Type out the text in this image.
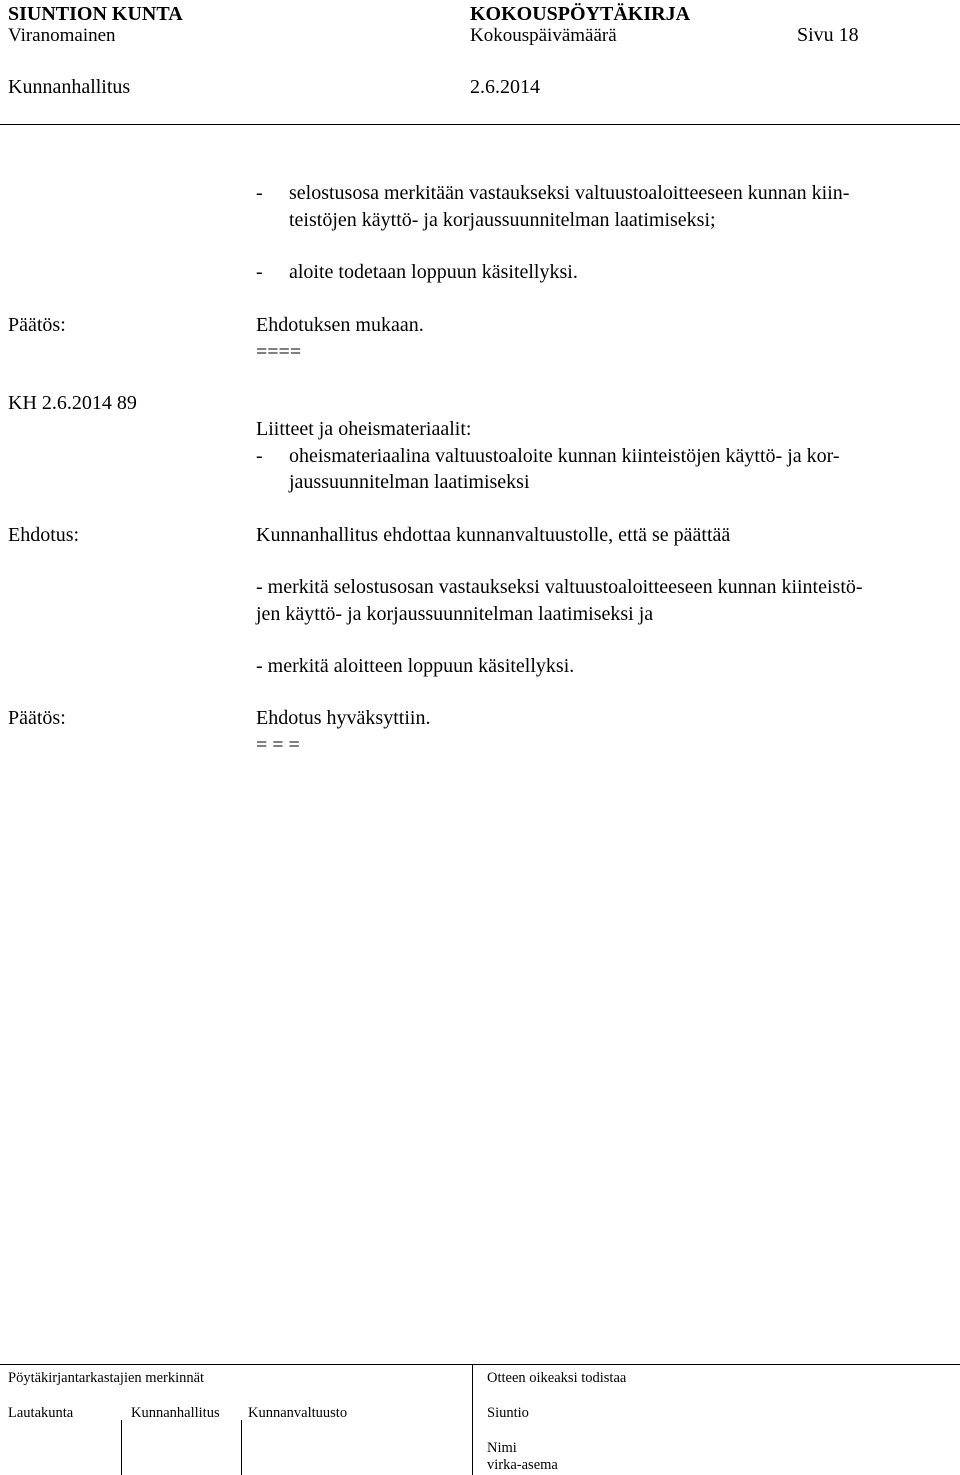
SIUNTION KUNTA	KOKOUSPÖYTÄKIRJA
Viranomainen	Kokouspäivämäärä	Sivu 18
Kunnanhallitus	2.6.2014
- selostusosa merkitään vastaukseksi valtuustoaloitteeseen kunnan kiin-
teistöjen käyttö- ja korjaussuunnitelman laatimiseksi;
- aloite todetaan loppuun käsitellyksi.
Päätös:	Ehdotuksen mukaan.
====
KH 2.6.2014 89
Liitteet ja oheismateriaalit:
- oheismateriaalina valtuustoaloite kunnan kiinteistöjen käyttö- ja kor-
jaussuunnitelman laatimiseksi
Ehdotus:	Kunnanhallitus ehdottaa kunnanvaltuustolle, että se päättää
- merkitä selostusosan vastaukseksi valtuustoaloitteeseen kunnan kiinteistö-
jen käyttö- ja korjaussuunnitelman laatimiseksi ja
- merkitä aloitteen loppuun käsitellyksi.
Päätös:	Ehdotus hyväksyttiin.
= = =
Pöytäkirjantarkastajien merkinnät	Otteen oikeaksi todistaa
Lautakunta	Kunnanhallitus Kunnanvaltuusto	Siuntio
Nimi
virka-asema
